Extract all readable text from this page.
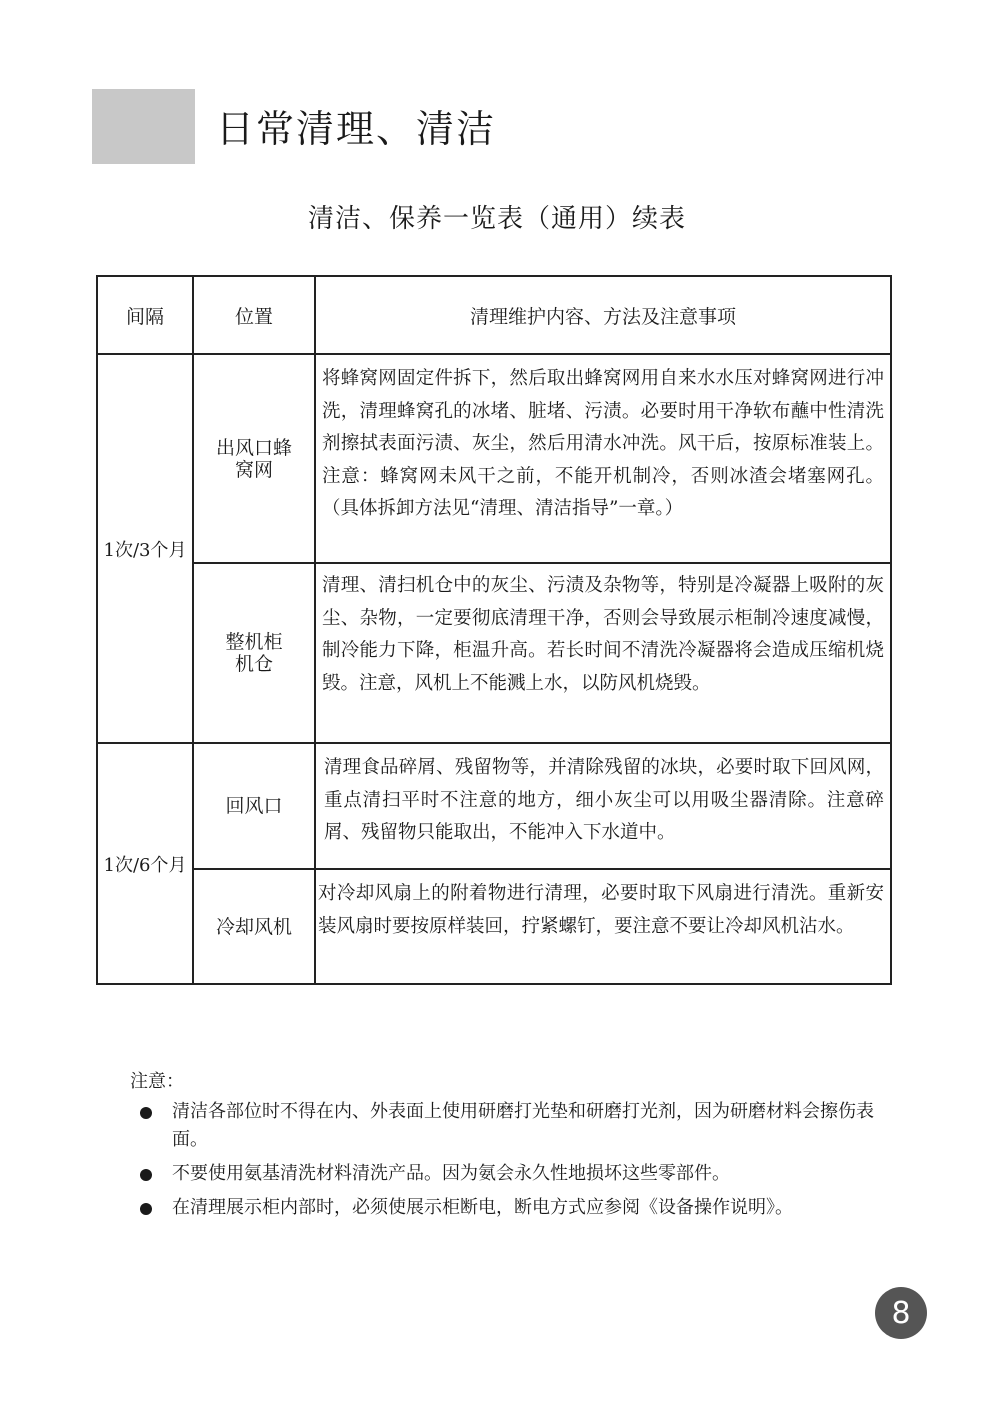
日常清理、清洁
清洁、保养一览表（通用）续表
间隔	位置	清理维护内容、方法及注意事项
1次/3个月
1次/6个月
出风口蜂窝网
整机柜机仓
回风口
冷却风机
将蜂窝网固定件拆下，然后取出蜂窝网用自来水水压对蜂窝网进行冲洗，清理蜂窝孔的冰堵、脏堵、污渍。必要时用干净软布蘸中性清洗剂擦拭表面污渍、灰尘，然后用清水冲洗。风干后，按原标准装上。注意：蜂窝网未风干之前，不能开机制冷，否则冰渣会堵塞网孔。（具体拆卸方法见“清理、清洁指导”一章。）
清理、清扫机仓中的灰尘、污渍及杂物等，特别是冷凝器上吸附的灰尘、杂物，一定要彻底清理干净，否则会导致展示柜制冷速度减慢，制冷能力下降，柜温升高。若长时间不清洗冷凝器将会造成压缩机烧毁。注意，风机上不能溅上水，以防风机烧毁。
清理食品碎屑、残留物等，并清除残留的冰块，必要时取下回风网，重点清扫平时不注意的地方，细小灰尘可以用吸尘器清除。注意碎屑、残留物只能取出，不能冲入下水道中。
对冷却风扇上的附着物进行清理，必要时取下风扇进行清洗。重新安装风扇时要按原样装回，拧紧螺钉，要注意不要让冷却风机沾水。
注意：
清洁各部位时不得在内、外表面上使用研磨打光垫和研磨打光剂，因为研磨材料会擦伤表面。
不要使用氨基清洗材料清洗产品。因为氨会永久性地损坏这些零部件。
在清理展示柜内部时，必须使展示柜断电，断电方式应参阅《设备操作说明》。
8
